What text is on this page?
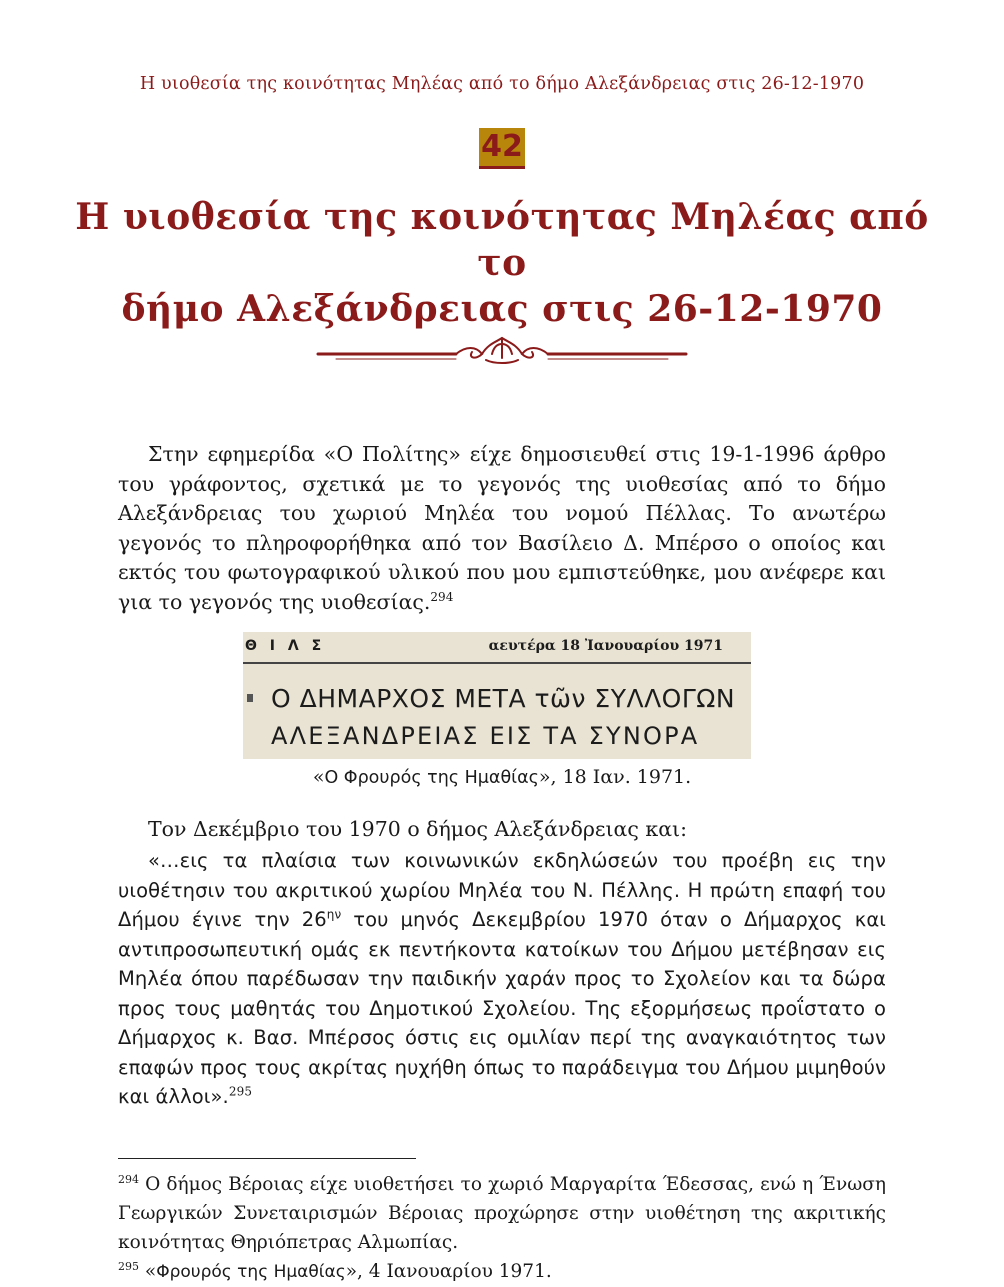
Η υιοθεσία της κοινότητας Μηλέας από το δήμο Αλεξάνδρειας στις 26-12-1970
42
Η υιοθεσία της κοινότητας Μηλέας από το
δήμο Αλεξάνδρειας στις 26-12-1970
Στην εφημερίδα «Ο Πολίτης» είχε δημοσιευθεί στις 19-1-1996 άρθρο του γράφοντος, σχετικά με το γεγονός της υιοθεσίας από το δήμο Αλεξάνδρειας του χωριού Μηλέα του νομού Πέλλας. Το ανωτέρω γεγονός το πληροφορήθηκα από τον Βασίλειο Δ. Μπέρσο ο οποίος και εκτός του φωτογραφικού υλικού που μου εμπιστεύθηκε, μου ανέφερε και για το γεγονός της υιοθεσίας.$^{294}$
Θ Ι Λ Σ	αευτέρα 18 Ἰανουαρίου 1971
Ο ΔΗΜΑΡΧΟΣ ΜΕΤΑ τῶν ΣΥΛΛΟΓΩΝ
ΑΛΕΞΑΝΔΡΕΙΑΣ ΕΙΣ ΤΑ ΣΥΝΟΡΑ
«Ο Φρουρός της Ημαθίας», 18 Ιαν. 1971.
Τον Δεκέμβριο του 1970 ο δήμος Αλεξάνδρειας και:
«…εις τα πλαίσια των κοινωνικών εκδηλώσεών του προέβη εις την υιοθέτησιν του ακριτικού χωρίου Μηλέα του Ν. Πέλλης. Η πρώτη επαφή του Δήμου έγινε την $26^{\eta\nu}$ του μηνός Δεκεμβρίου 1970 όταν ο Δήμαρχος και αντιπροσωπευτική ομάς εκ πεντήκοντα κατοίκων του Δήμου μετέβησαν εις Μηλέα όπου παρέδωσαν την παιδικήν χαράν προς το Σχολείον και τα δώρα προς τους μαθητάς του Δημοτικού Σχολείου. Της εξορμήσεως προΐστατο ο Δήμαρχος κ. Βασ. Μπέρσος όστις εις ομιλίαν περί της αναγκαιότητος των επαφών προς τους ακρίτας ηυχήθη όπως το παράδειγμα του Δήμου μιμηθούν και άλλοι».$^{295}$

$^{294}$ Ο δήμος Βέροιας είχε υιοθετήσει το χωριό Μαργαρίτα Έδεσσας, ενώ η Ένωση Γεωργικών Συνεταιρισμών Βέροιας προχώρησε στην υιοθέτηση της ακριτικής κοινότητας Θηριόπετρας Αλμωπίας.

$^{295}$ «Φρουρός της Ημαθίας», 4 Ιανουαρίου 1971.
